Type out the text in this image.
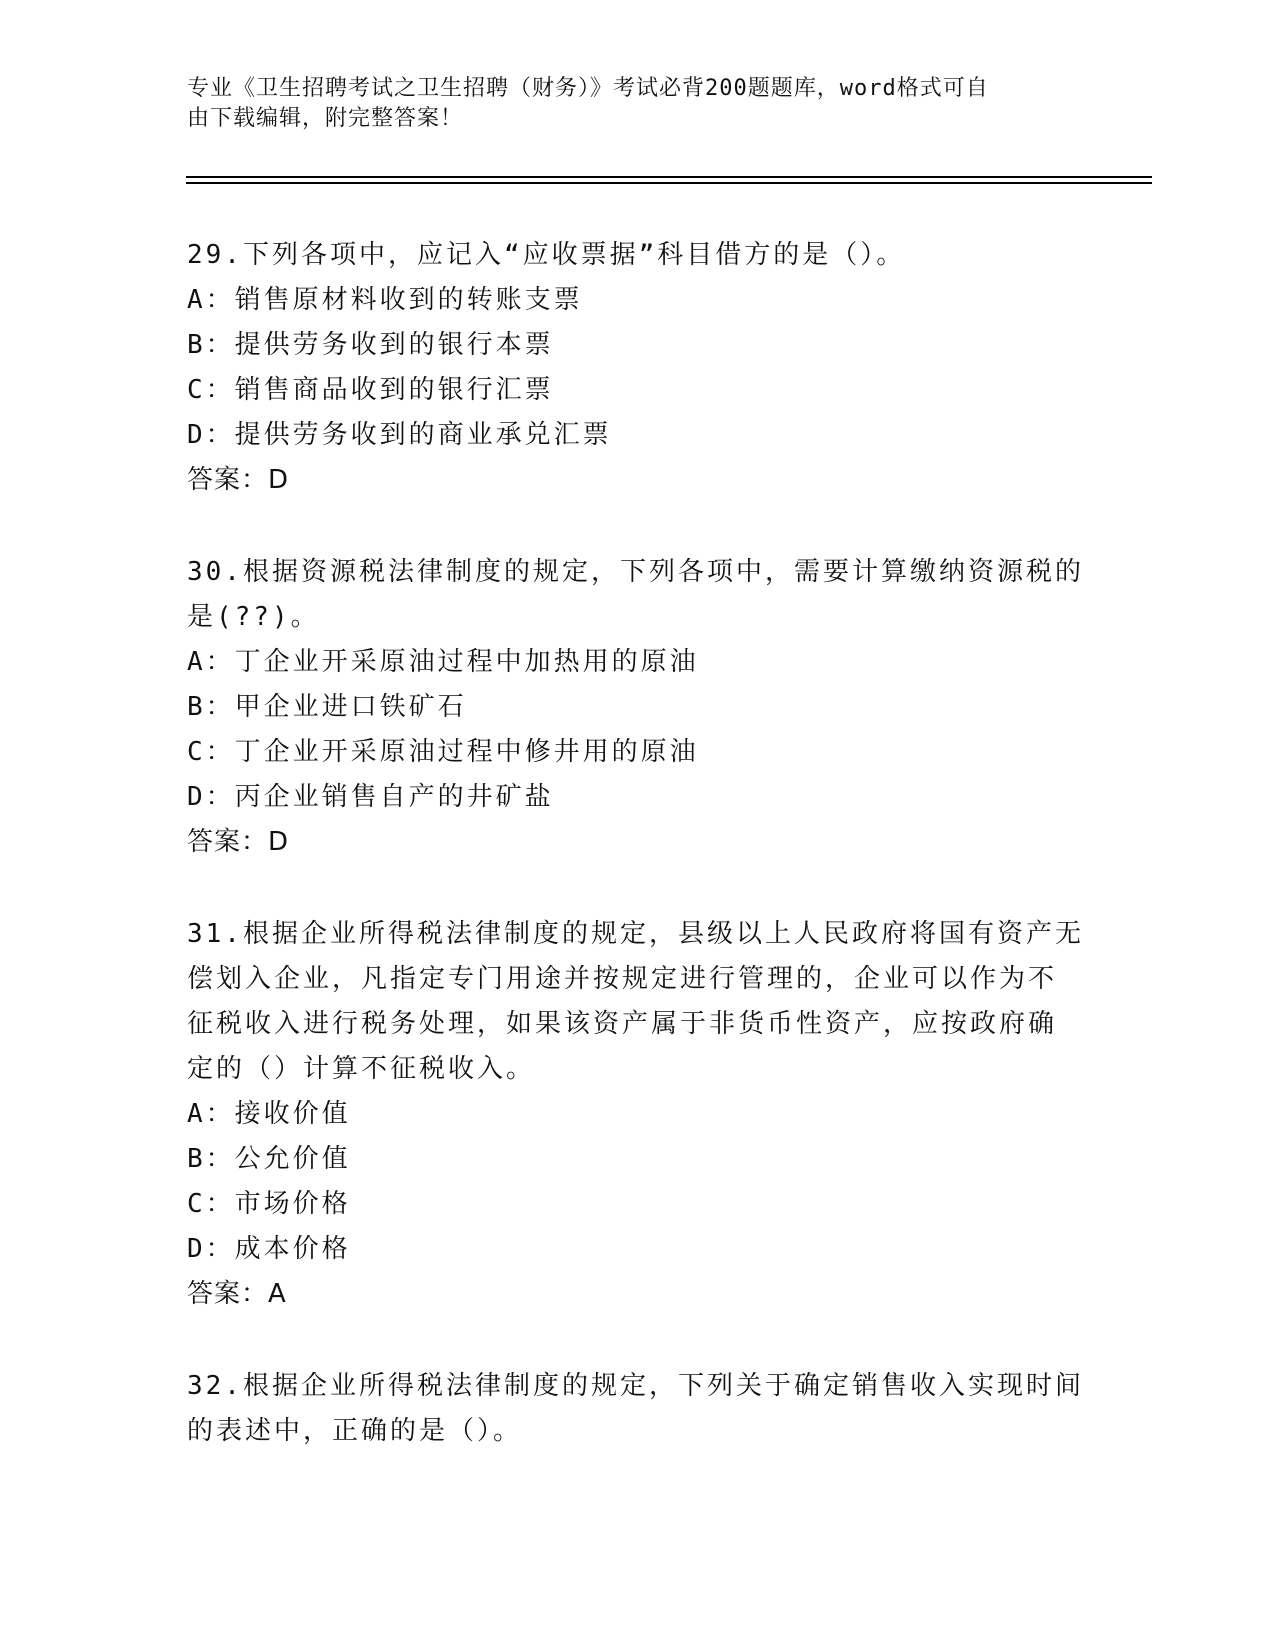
专业《卫生招聘考试之卫生招聘（财务）》考试必背200题题库，word格式可自
由下载编辑，附完整答案！
29.下列各项中，应记入“应收票据”科目借方的是（）。
A：销售原材料收到的转账支票
B：提供劳务收到的银行本票
C：销售商品收到的银行汇票
D：提供劳务收到的商业承兑汇票
答案：D
30.根据资源税法律制度的规定，下列各项中，需要计算缴纳资源税的
是(??)。
A：丁企业开采原油过程中加热用的原油
B：甲企业进口铁矿石
C：丁企业开采原油过程中修井用的原油
D：丙企业销售自产的井矿盐
答案：D
31.根据企业所得税法律制度的规定，县级以上人民政府将国有资产无
偿划入企业，凡指定专门用途并按规定进行管理的，企业可以作为不
征税收入进行税务处理，如果该资产属于非货币性资产，应按政府确
定的（）计算不征税收入。
A：接收价值
B：公允价值
C：市场价格
D：成本价格
答案：A
32.根据企业所得税法律制度的规定，下列关于确定销售收入实现时间
的表述中，正确的是（）。
